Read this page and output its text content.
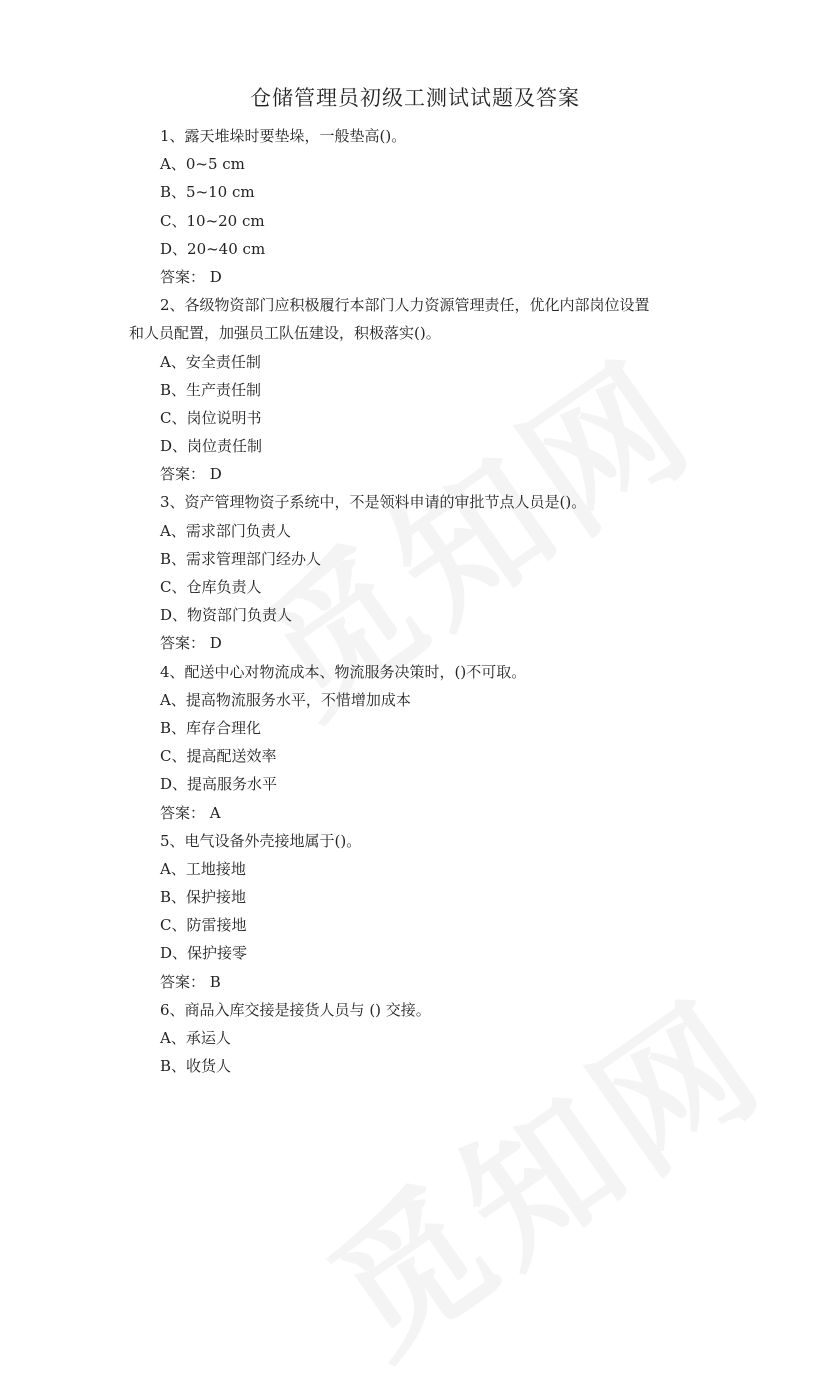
仓储管理员初级工测试试题及答案
1、露天堆垛时要垫垛，一般垫高()。
A、0~5 cm
B、5~10 cm
C、10~20 cm
D、20~40 cm
答案： D
2、各级物资部门应积极履行本部门人力资源管理责任，优化内部岗位设置
和人员配置，加强员工队伍建设，积极落实()。
A、安全责任制
B、生产责任制
C、岗位说明书
D、岗位责任制
答案： D
3、资产管理物资子系统中，不是领料申请的审批节点人员是()。
A、需求部门负责人
B、需求管理部门经办人
C、仓库负责人
D、物资部门负责人
答案： D
4、配送中心对物流成本、物流服务决策时，()不可取。
A、提高物流服务水平，不惜增加成本
B、库存合理化
C、提高配送效率
D、提高服务水平
答案： A
5、电气设备外壳接地属于()。
A、工地接地
B、保护接地
C、防雷接地
D、保护接零
答案： B
6、商品入库交接是接货人员与 () 交接。
A、承运人
B、收货人
